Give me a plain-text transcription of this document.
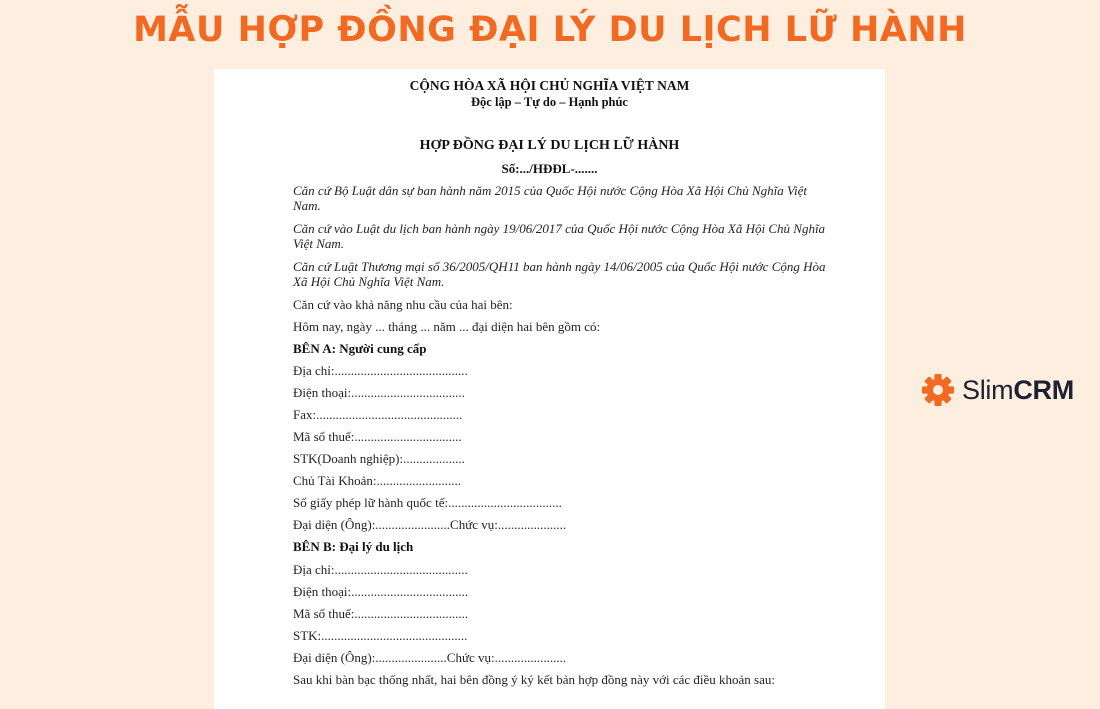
MẪU HỢP ĐỒNG ĐẠI LÝ DU LỊCH LỮ HÀNH
CỘNG HÒA XÃ HỘI CHỦ NGHĨA VIỆT NAM
Độc lập – Tự do – Hạnh phúc
HỢP ĐỒNG ĐẠI LÝ DU LỊCH LỮ HÀNH
Số:.../HĐĐL-.......
Căn cứ Bộ Luật dân sự ban hành năm 2015 của Quốc Hội nước Cộng Hòa Xã Hội Chủ Nghĩa Việt Nam.
Căn cứ vào Luật du lịch ban hành ngày 19/06/2017 của Quốc Hội nước Cộng Hòa Xã Hội Chủ Nghĩa Việt Nam.
Căn cứ Luật Thương mại số 36/2005/QH11 ban hành ngày 14/06/2005 của Quốc Hội nước Cộng Hòa Xã Hội Chủ Nghĩa Việt Nam.
Căn cứ vào khả năng nhu cầu của hai bên:
Hôm nay, ngày ... tháng ... năm ... đại diện hai bên gồm có:
BÊN A: Người cung cấp
Địa chỉ:.........................................
Điện thoại:...................................
Fax:.............................................
Mã số thuế:.................................
STK(Doanh nghiệp):...................
Chủ Tài Khoản:..........................
Số giấy phép lữ hành quốc tế:...................................
Đại diện (Ông):.......................Chức vụ:.....................
BÊN B: Đại lý du lịch
Địa chỉ:.........................................
Điện thoại:....................................
Mã số thuế:...................................
STK:.............................................
Đại diện (Ông):......................Chức vụ:......................
Sau khi bàn bạc thống nhất, hai bên đồng ý ký kết bản hợp đồng này với các điều khoản sau:
SlimCRM
